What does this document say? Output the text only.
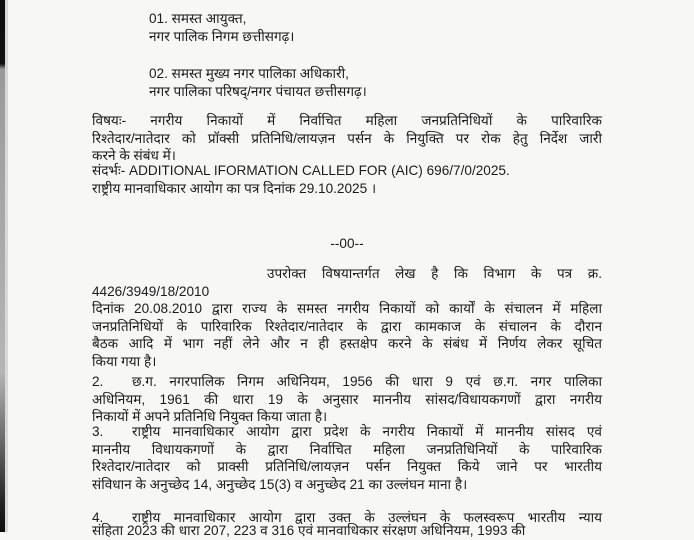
01. समस्त आयुक्त,
नगर पालिक निगम छत्तीसगढ़।
02. समस्त मुख्य नगर पालिका अधिकारी,
नगर पालिका परिषद्/नगर पंचायत छत्तीसगढ़।
विषयः- नगरीय निकायों में निर्वाचित महिला जनप्रतिनिधियों के पारिवारिक
रिश्तेदार/नातेदार को प्रॉक्सी प्रतिनिधि/लायज़न पर्सन के नियुक्ति पर रोक हेतु निर्देश जारी
करने के संबंध में।
संदर्भः- ADDITIONAL IFORMATION CALLED FOR (AIC) 696/7/0/2025.
राष्ट्रीय मानवाधिकार आयोग का पत्र दिनांक 29.10.2025 ।
--00--
उपरोक्त विषयान्तर्गत लेख है कि विभाग के पत्र क्र. 4426/3949/18/2010
दिनांक 20.08.2010 द्वारा राज्य के समस्त नगरीय निकायों को कार्यों के संचालन में महिला
जनप्रतिनिधियों के पारिवारिक रिश्तेदार/नातेदार के द्वारा कामकाज के संचालन के दौरान
बैठक आदि में भाग नहीं लेने और न ही हस्तक्षेप करने के संबंध में निर्णय लेकर सूचित
किया गया है।
2. छ.ग. नगरपालिक निगम अधिनियम, 1956 की धारा 9 एवं छ.ग. नगर पालिका
अधिनियम, 1961 की धारा 19 के अनुसार माननीय सांसद/विधायकगणों द्वारा नगरीय
निकायों में अपने प्रतिनिधि नियुक्त किया जाता है।
3. राष्ट्रीय मानवाधिकार आयोग द्वारा प्रदेश के नगरीय निकायों में माननीय सांसद एवं
माननीय विधायकगणों के द्वारा निर्वाचित महिला जनप्रतिधिनियों के पारिवारिक
रिश्तेदार/नातेदार को प्राक्सी प्रतिनिधि/लायज़न पर्सन नियुक्त किये जाने पर भारतीय
संविधान के अनुच्छेद 14, अनुच्छेद 15(3) व अनुच्छेद 21 का उल्लंघन माना है।
4. राष्ट्रीय मानवाधिकार आयोग द्वारा उक्त के उल्लंघन के फलस्वरूप भारतीय न्याय
संहिता 2023 की धारा 207, 223 व 316 एवं मानवाधिकार संरक्षण अधिनियम, 1993 की
